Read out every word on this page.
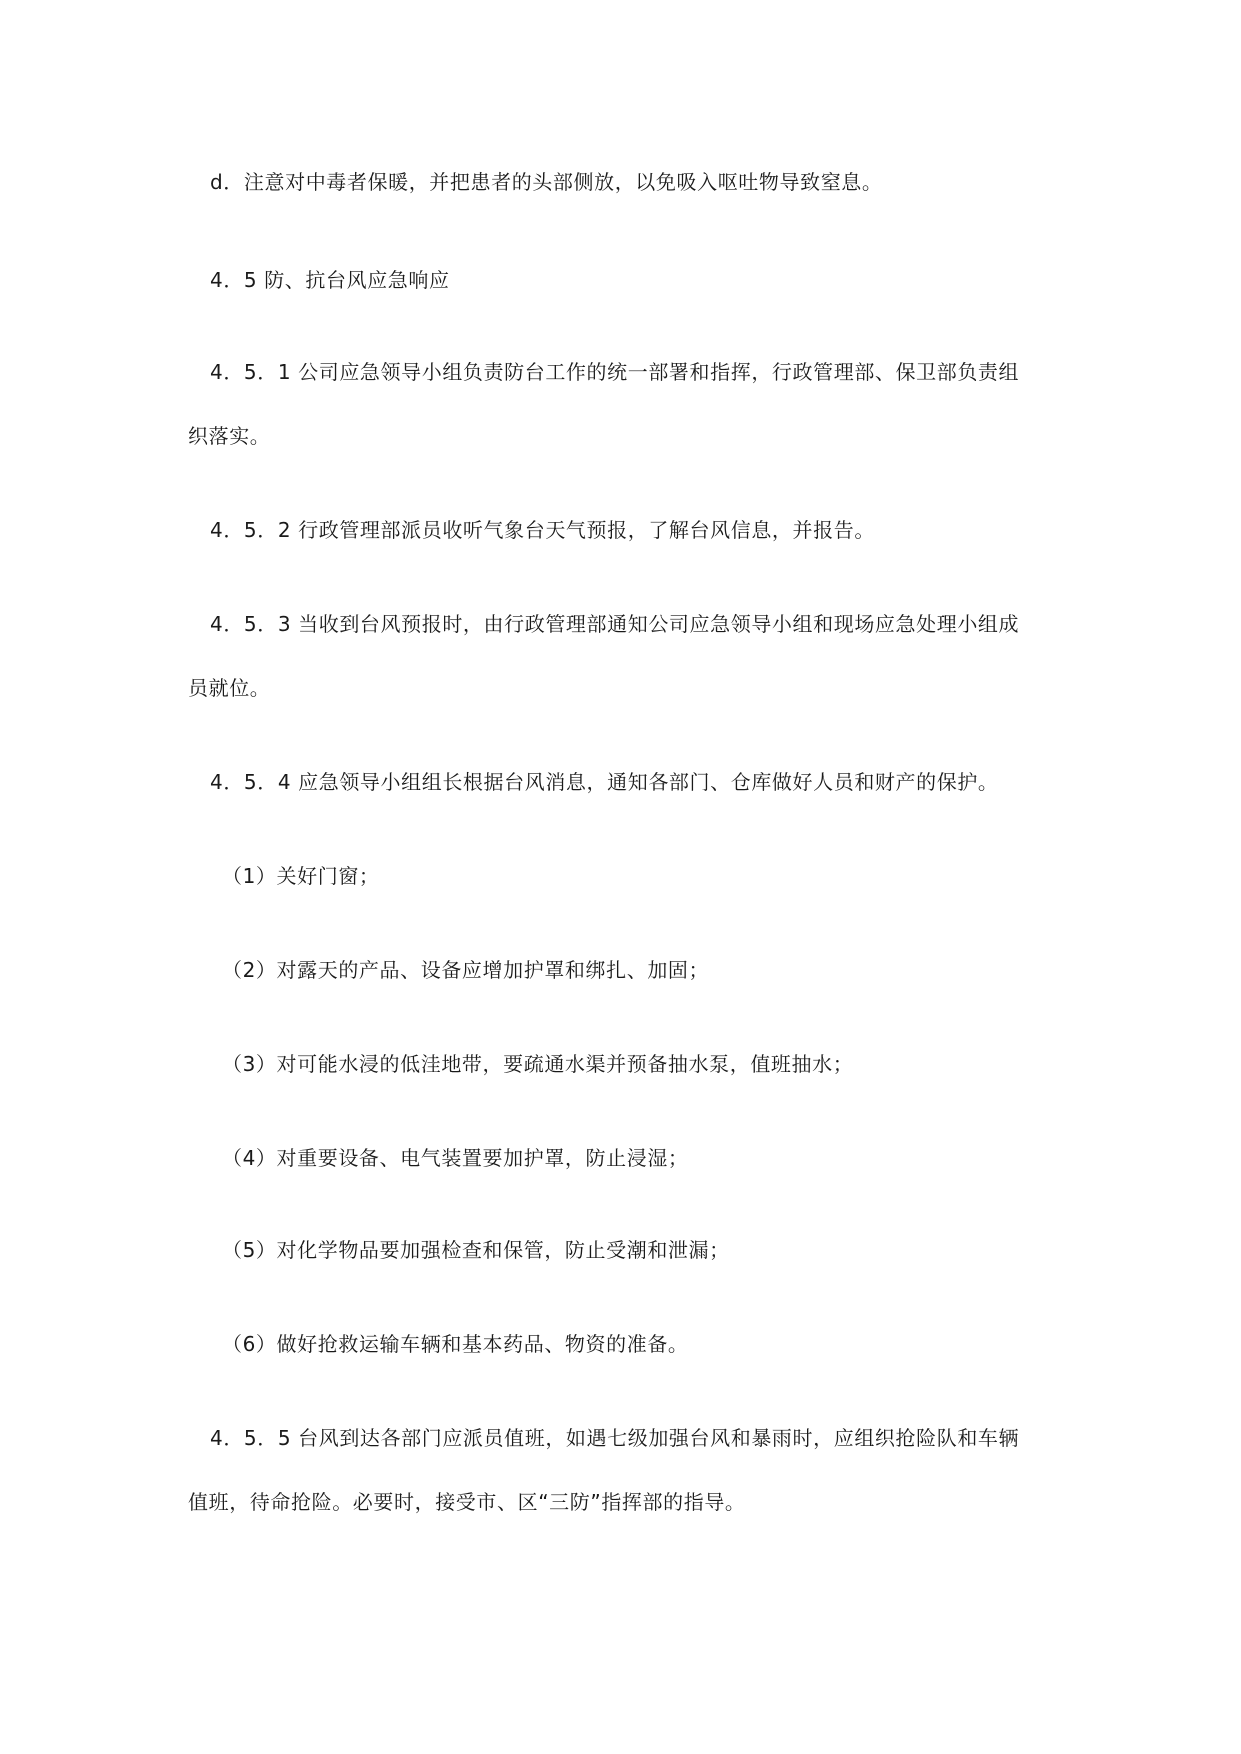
d．注意对中毒者保暖，并把患者的头部侧放，以免吸入呕吐物导致窒息。
4．5 防、抗台风应急响应
4．5．1 公司应急领导小组负责防台工作的统一部署和指挥，行政管理部、保卫部负责组
织落实。
4．5．2 行政管理部派员收听气象台天气预报，了解台风信息，并报告。
4．5．3 当收到台风预报时，由行政管理部通知公司应急领导小组和现场应急处理小组成
员就位。
4．5．4 应急领导小组组长根据台风消息，通知各部门、仓库做好人员和财产的保护。
（1）关好门窗；
（2）对露天的产品、设备应增加护罩和绑扎、加固；
（3）对可能水浸的低洼地带，要疏通水渠并预备抽水泵，值班抽水；
（4）对重要设备、电气装置要加护罩，防止浸湿；
（5）对化学物品要加强检查和保管，防止受潮和泄漏；
（6）做好抢救运输车辆和基本药品、物资的准备。
4．5．5 台风到达各部门应派员值班，如遇七级加强台风和暴雨时，应组织抢险队和车辆
值班，待命抢险。必要时，接受市、区“三防”指挥部的指导。
